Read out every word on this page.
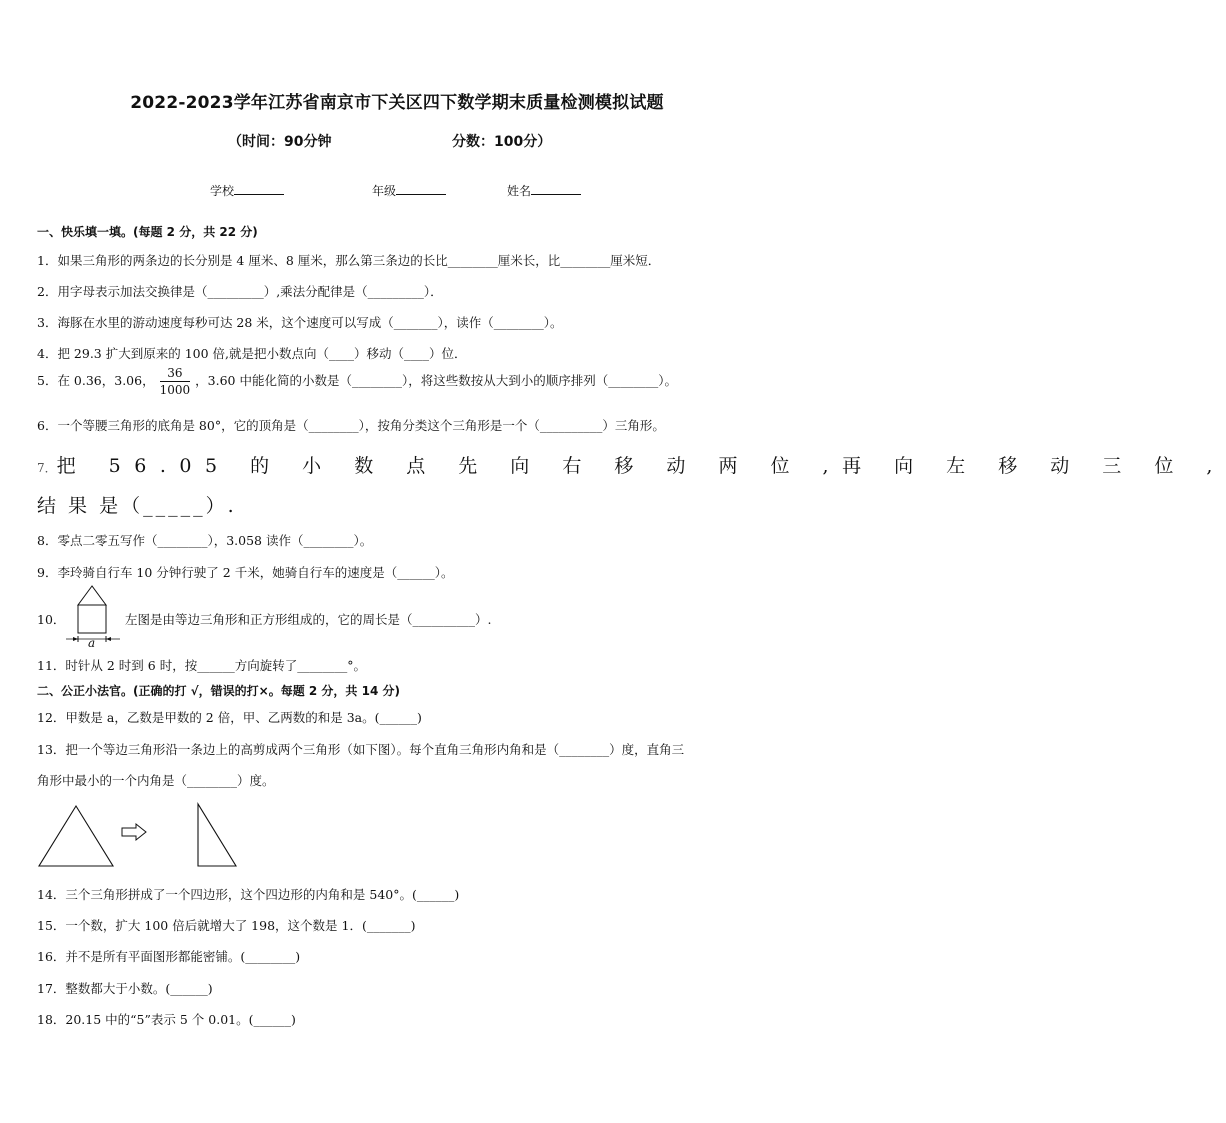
2022-2023学年江苏省南京市下关区四下数学期末质量检测模拟试题
（时间：90分钟	分数：100分）
学校	年级	姓名
一、快乐填一填。(每题 2 分，共 22 分)
1．如果三角形的两条边的长分别是 4 厘米、8 厘米，那么第三条边的长比________厘米长，比________厘米短．
2．用字母表示加法交换律是（_________）,乘法分配律是（_________）．
3．海豚在水里的游动速度每秒可达 28 米，这个速度可以写成（_______），读作（________）。
4．把 29.3 扩大到原来的 100 倍,就是把小数点向（____）移动（____）位．
5．在 0.36，3.06， $\frac{36}{1000}$ ，3.60 中能化简的小数是（________），将这些数按从大到小的顺序排列（________）。
6．一个等腰三角形的底角是 80°，它的顶角是（________），按角分类这个三角形是一个（__________）三角形。
7．把 56.05 的 小 数 点 先 向 右 移 动 两 位 ,再 向 左 移 动 三 位 ,
结 果 是（_____）.
8．零点二零五写作（________），3.058 读作（________）。
9．李玲骑自行车 10 分钟行驶了 2 千米，她骑自行车的速度是（______）。
10．
a
左图是由等边三角形和正方形组成的，它的周长是（__________）.
11．时针从 2 时到 6 时，按______方向旋转了________°。
二、公正小法官。(正确的打 √，错误的打×。每题 2 分，共 14 分)
12．甲数是 a，乙数是甲数的 2 倍，甲、乙两数的和是 3a。(______)
13．把一个等边三角形沿一条边上的高剪成两个三角形（如下图）。每个直角三角形内角和是（________）度，直角三
角形中最小的一个内角是（________）度。
14．三个三角形拼成了一个四边形，这个四边形的内角和是 540°。(______)
15．一个数，扩大 100 倍后就增大了 198，这个数是 1．(_______)
16．并不是所有平面图形都能密铺。(________)
17．整数都大于小数。(______)
18．20.15 中的“5”表示 5 个 0.01。(______)
